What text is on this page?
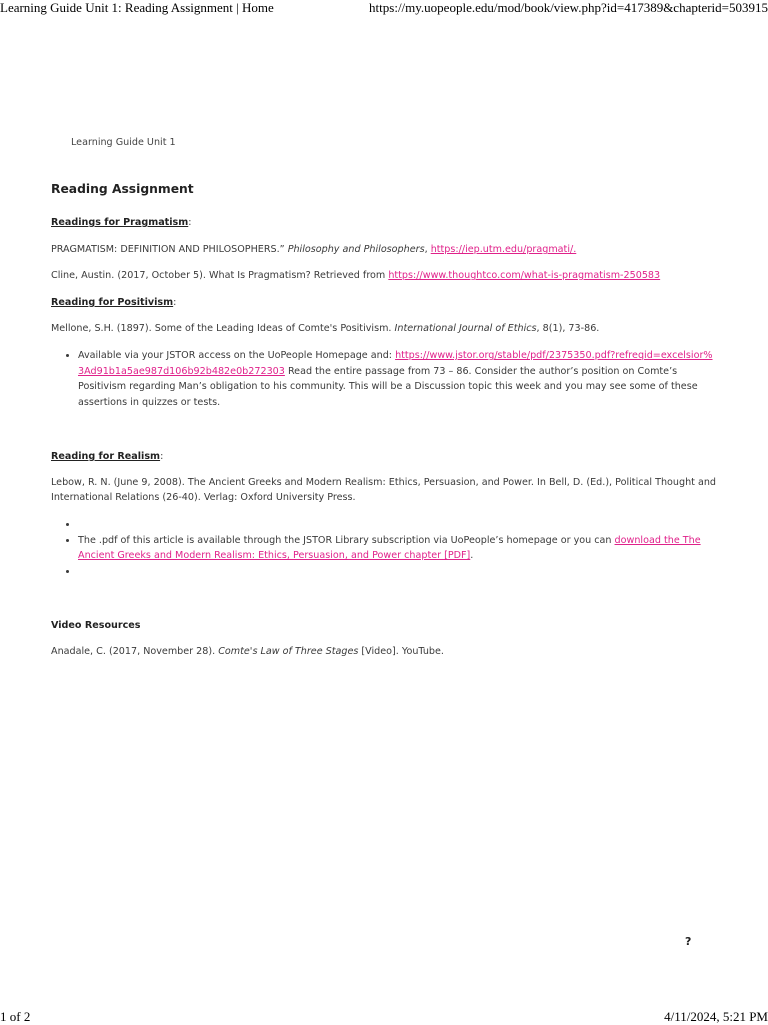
Learning Guide Unit 1: Reading Assignment | Home	https://my.uopeople.edu/mod/book/view.php?id=417389&chapterid=503915
Learning Guide Unit 1
Reading Assignment
Readings for Pragmatism:
PRAGMATISM: DEFINITION AND PHILOSOPHERS.” Philosophy and Philosophers, https://iep.utm.edu/pragmati/.
Cline, Austin. (2017, October 5). What Is Pragmatism? Retrieved from https://www.thoughtco.com/what-is-pragmatism-250583
Reading for Positivism:
Mellone, S.H. (1897). Some of the Leading Ideas of Comte's Positivism. International Journal of Ethics, 8(1), 73-86.
• Available via your JSTOR access on the UoPeople Homepage and: https://www.jstor.org/stable/pdf/2375350.pdf?refreqid=excelsior%3Ad91b1a5ae987d106b92b482e0b272303 Read the entire passage from 73 – 86. Consider the author’s position on Comte’s Positivism regarding Man’s obligation to his community. This will be a Discussion topic this week and you may see some of these assertions in quizzes or tests.
Reading for Realism:
Lebow, R. N. (June 9, 2008). The Ancient Greeks and Modern Realism: Ethics, Persuasion, and Power. In Bell, D. (Ed.), Political Thought and International Relations (26-40). Verlag: Oxford University Press.
•
• The .pdf of this article is available through the JSTOR Library subscription via UoPeople’s homepage or you can download the The Ancient Greeks and Modern Realism: Ethics, Persuasion, and Power chapter [PDF].
•
Video Resources
Anadale, C. (2017, November 28). Comte's Law of Three Stages [Video]. YouTube.
?
1 of 2	4/11/2024, 5:21 PM
